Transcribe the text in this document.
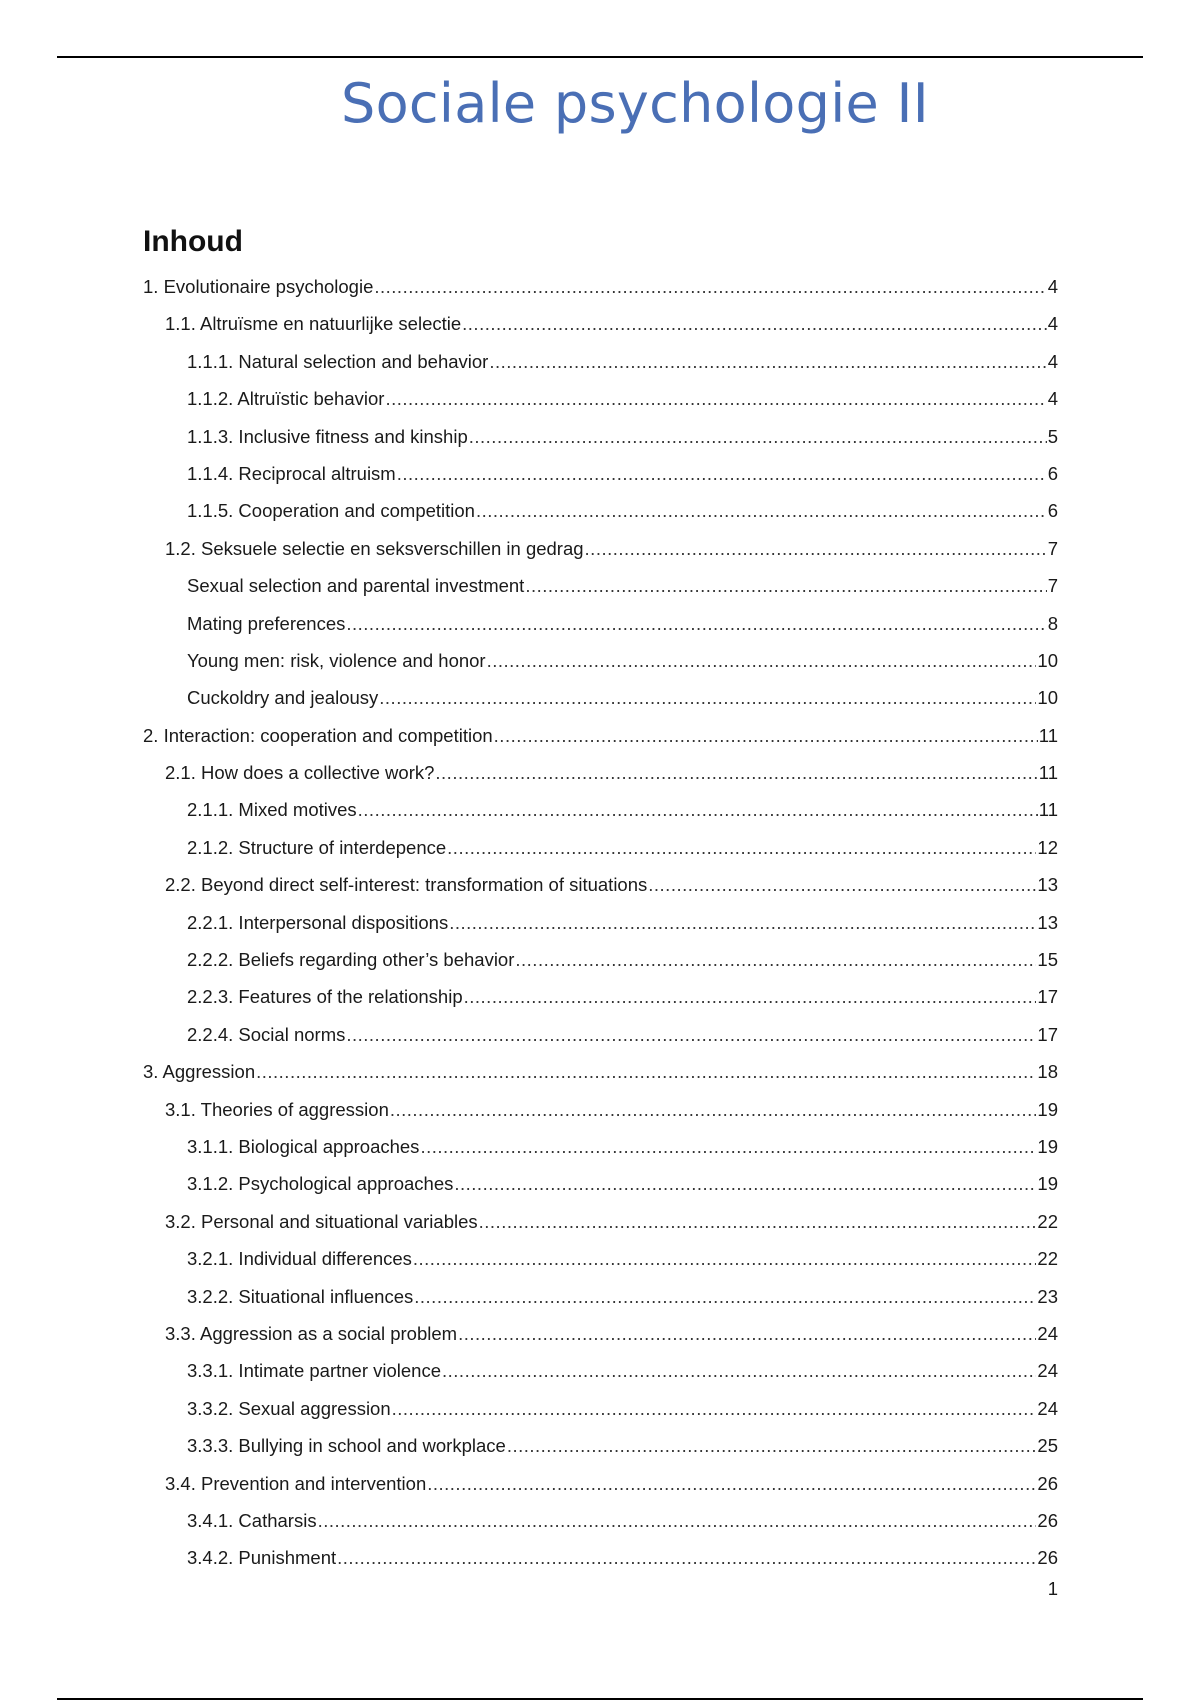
Sociale psychologie II
Inhoud
1. Evolutionaire psychologie .....	4
1.1. Altruïsme en natuurlijke selectie .....	4
1.1.1. Natural selection and behavior .....	4
1.1.2. Altruïstic behavior .....	4
1.1.3. Inclusive fitness and kinship .....	5
1.1.4. Reciprocal altruism .....	6
1.1.5. Cooperation and competition .....	6
1.2. Seksuele selectie en seksverschillen in gedrag .....	7
Sexual selection and parental investment .....	7
Mating preferences .....	8
Young men: risk, violence and honor .....	10
Cuckoldry and jealousy .....	10
2. Interaction: cooperation and competition .....	11
2.1. How does a collective work? .....	11
2.1.1. Mixed motives .....	11
2.1.2. Structure of interdepence .....	12
2.2. Beyond direct self-interest: transformation of situations .....	13
2.2.1. Interpersonal dispositions .....	13
2.2.2. Beliefs regarding other’s behavior .....	15
2.2.3. Features of the relationship .....	17
2.2.4. Social norms .....	17
3. Aggression .....	18
3.1. Theories of aggression .....	19
3.1.1. Biological approaches .....	19
3.1.2. Psychological approaches .....	19
3.2. Personal and situational variables .....	22
3.2.1. Individual differences .....	22
3.2.2. Situational influences .....	23
3.3. Aggression as a social problem .....	24
3.3.1. Intimate partner violence .....	24
3.3.2. Sexual aggression .....	24
3.3.3. Bullying in school and workplace .....	25
3.4. Prevention and intervention .....	26
3.4.1. Catharsis .....	26
3.4.2. Punishment .....	26
1
